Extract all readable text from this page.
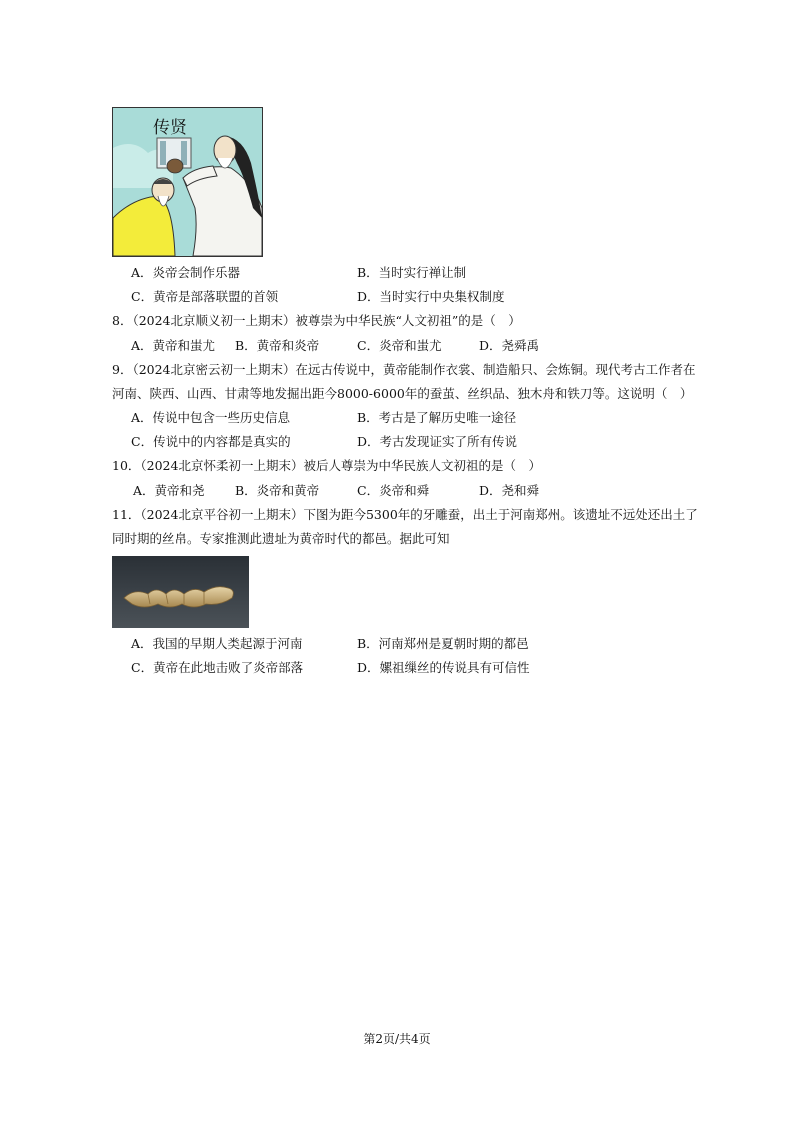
传贤
A．炎帝会制作乐器	B．当时实行禅让制
C．黄帝是部落联盟的首领	D．当时实行中央集权制度
8．（2024北京顺义初一上期末）被尊崇为中华民族“人文初祖”的是（　）
A．黄帝和蚩尤 B．黄帝和炎帝	C．炎帝和蚩尤	D．尧舜禹
9．（2024北京密云初一上期末）在远古传说中，黄帝能制作衣裳、制造船只、会炼铜。现代考古工作者在
河南、陕西、山西、甘肃等地发掘出距今8000-6000年的蚕茧、丝织品、独木舟和铁刀等。这说明（　）
A．传说中包含一些历史信息	B．考古是了解历史唯一途径
C．传说中的内容都是真实的	D．考古发现证实了所有传说
10．（2024北京怀柔初一上期末）被后人尊崇为中华民族人文初祖的是（　）
A．黄帝和尧 B．炎帝和黄帝	C．炎帝和舜	D．尧和舜
11．（2024北京平谷初一上期末）下图为距今5300年的牙雕蚕，出土于河南郑州。该遗址不远处还出土了
同时期的丝帛。专家推测此遗址为黄帝时代的都邑。据此可知
A．我国的早期人类起源于河南	B．河南郑州是夏朝时期的都邑
C．黄帝在此地击败了炎帝部落	D．嫘祖缫丝的传说具有可信性
第2页/共4页
